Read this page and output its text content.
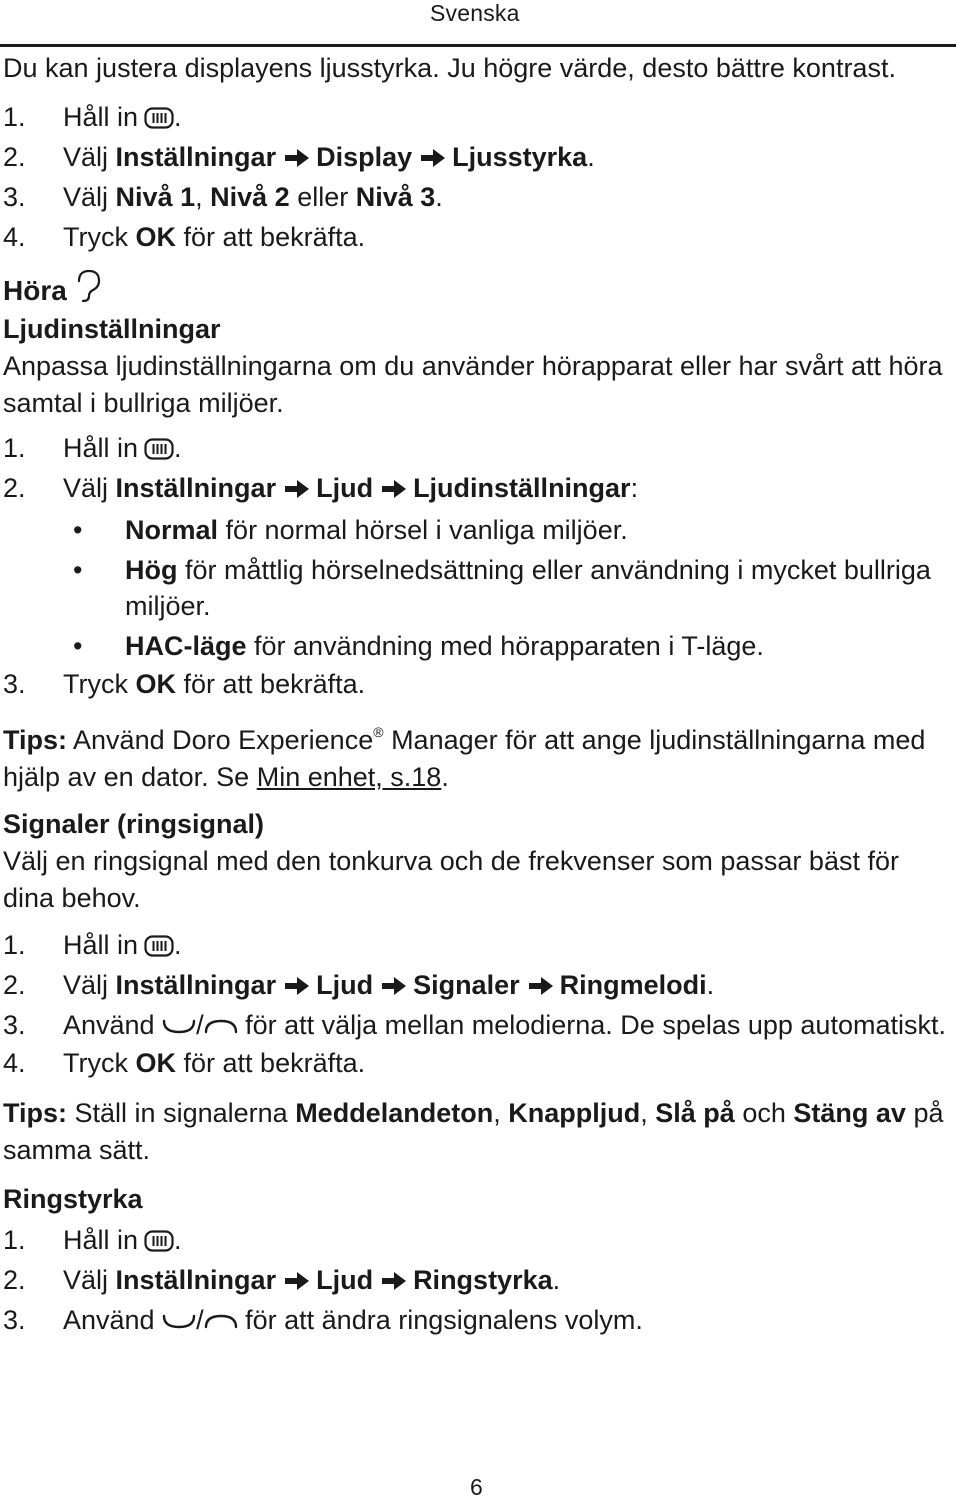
Svenska

Du kan justera displayens ljusstyrka. Ju högre värde, desto bättre kontrast.

1. Håll in .
2. Välj Inställningar Display Ljusstyrka.
3. Välj Nivå 1, Nivå 2 eller Nivå 3.
4. Tryck OK för att bekräfta.

Höra

Ljudinställningar

Anpassa ljudinställningarna om du använder hörapparat eller har svårt att höra samtal i bullriga miljöer.

1. Håll in .
2. Välj Inställningar Ljud Ljudinställningar:
• Normal för normal hörsel i vanliga miljöer.
• Hög för måttlig hörselnedsättning eller användning i mycket bullriga miljöer.
• HAC-läge för användning med hörapparaten i T-läge.
3. Tryck OK för att bekräfta.

Tips: Använd Doro Experience® Manager för att ange ljudinställningarna med hjälp av en dator. Se Min enhet, s.18.

Signaler (ringsignal)

Välj en ringsignal med den tonkurva och de frekvenser som passar bäst för dina behov.

1. Håll in .
2. Välj Inställningar Ljud Signaler Ringmelodi.
3. Använd / för att välja mellan melodierna. De spelas upp automatiskt.
4. Tryck OK för att bekräfta.

Tips: Ställ in signalerna Meddelandeton, Knappljud, Slå på och Stäng av på samma sätt.

Ringstyrka

1. Håll in .
2. Välj Inställningar Ljud Ringstyrka.
3. Använd / för att ändra ringsignalens volym.
6
